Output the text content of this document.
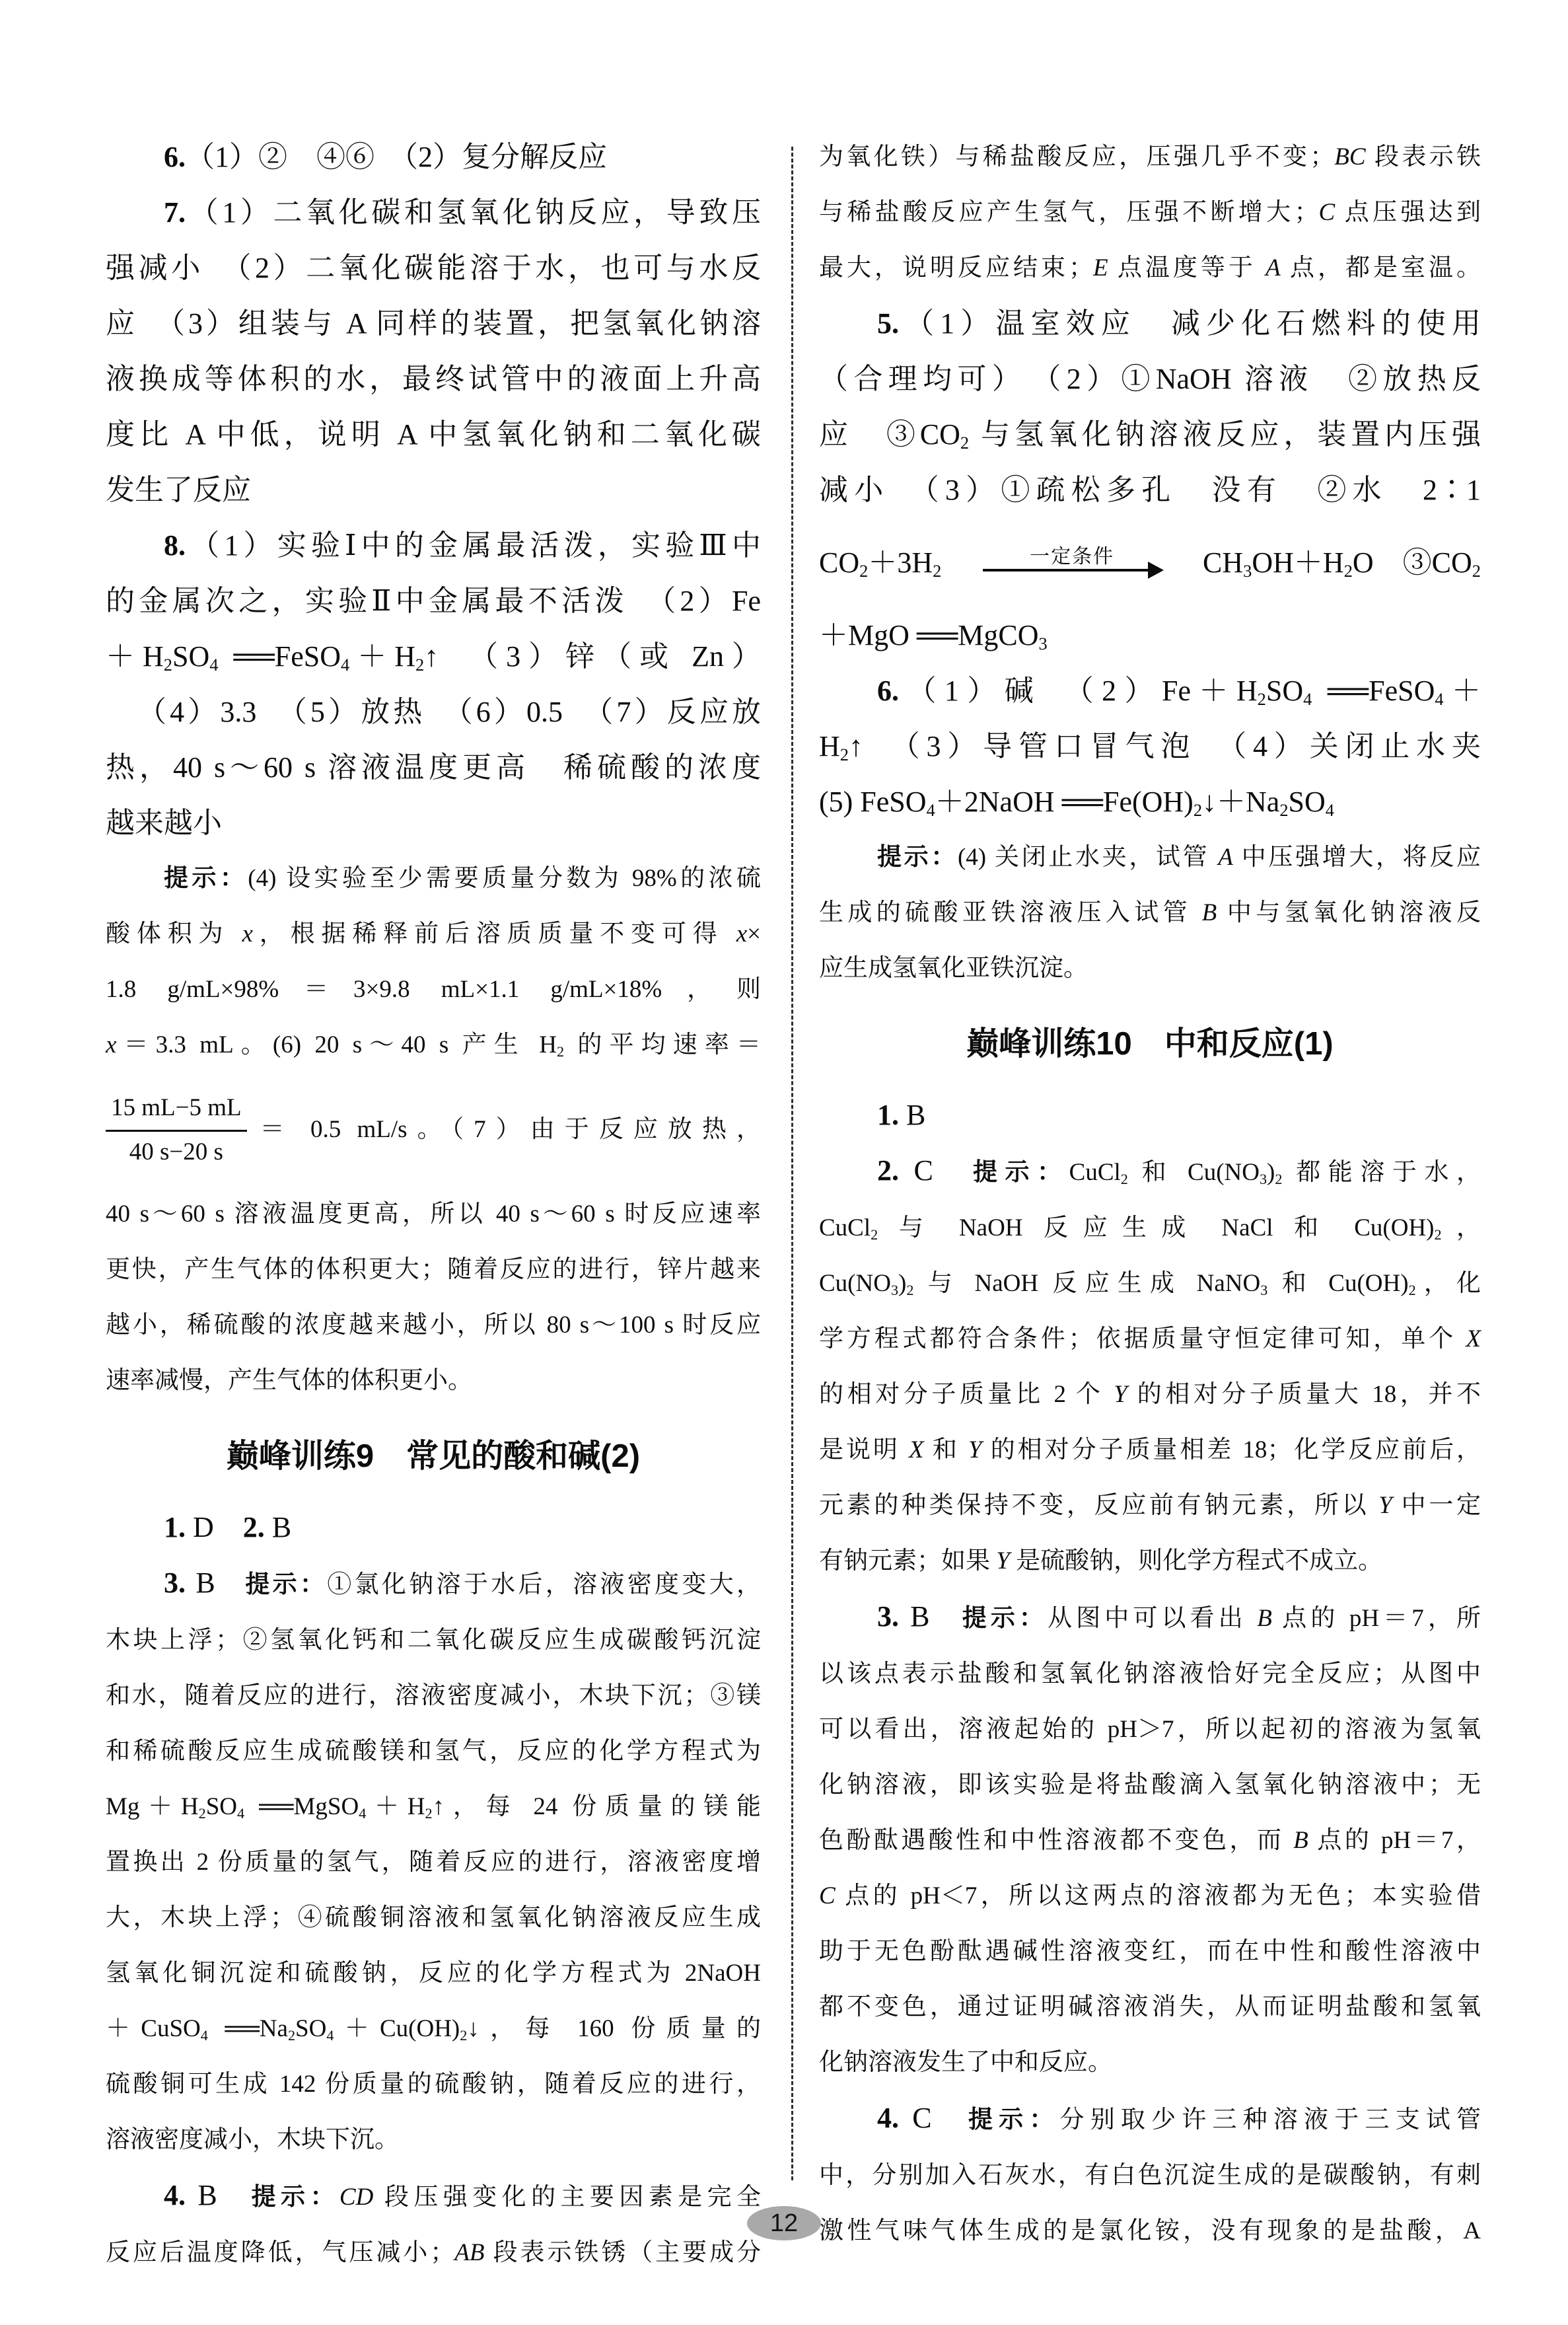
6.（1）②　④⑥　（2）复分解反应
7.（1）二氧化碳和氢氧化钠反应，导致压
强减小　（2）二氧化碳能溶于水，也可与水反
应　（3）组装与 A 同样的装置，把氢氧化钠溶
液换成等体积的水，最终试管中的液面上升高
度比 A 中低，说明 A 中氢氧化钠和二氧化碳
发生了反应
8.（1）实验Ⅰ中的金属最活泼，实验Ⅲ中
的金属次之，实验Ⅱ中金属最不活泼　（2）Fe
$+H_2SO_4$ $══FeSO_4+H_2↑$　（3）锌（或 Zn）
（4）3.3　（5）放热　（6）0.5　（7）反应放
热，40 s～60 s 溶液温度更高　稀硫酸的浓度
越来越小
提示：(4) 设实验至少需要质量分数为 98%的浓硫
酸体积为 x，根据稀释前后溶质质量不变可得 x×
1.8 g/mL×98%＝3×9.8 mL×1.1 g/mL×18%，则
x＝3.3 mL。(6) 20 s～40 s 产生 $H_2$ 的平均速率＝
$\frac{15 mL-5 mL}{40 s-20 s} = 0.5$ mL/s。（7）由于反应放热，
40 s～60 s 溶液温度更高，所以 40 s～60 s 时反应速率
更快，产生气体的体积更大；随着反应的进行，锌片越来
越小，稀硫酸的浓度越来越小，所以 80 s～100 s 时反应
速率减慢，产生气体的体积更小。
巅峰训练9　常见的酸和碱(2)
1. D　2. B
3. B　 提示：①氯化钠溶于水后，溶液密度变大，
木块上浮；②氢氧化钙和二氧化碳反应生成碳酸钙沉淀
和水，随着反应的进行，溶液密度减小，木块下沉；③镁
和稀硫酸反应生成硫酸镁和氢气，反应的化学方程式为
$Mg+H_2SO_4$ $══MgSO_4+H_2↑$，每 24 份质量的镁能
置换出 2 份质量的氢气，随着反应的进行，溶液密度增
大，木块上浮；④硫酸铜溶液和氢氧化钠溶液反应生成
氢氧化铜沉淀和硫酸钠，反应的化学方程式为 2NaOH
＋CuSO$_4$ $══Na_2SO_4+Cu(OH)_2↓$，每 160 份质量的
硫酸铜可生成 142 份质量的硫酸钠，随着反应的进行，
溶液密度减小，木块下沉。
4. B　 提示：CD 段压强变化的主要因素是完全
反应后温度降低，气压减小；AB 段表示铁锈（主要成分
为氧化铁）与稀盐酸反应，压强几乎不变；BC 段表示铁
与稀盐酸反应产生氢气，压强不断增大；C 点压强达到
最大，说明反应结束；E 点温度等于 A 点，都是室温。
5.（1）温室效应　减少化石燃料的使用
（合理均可）　（2）①NaOH 溶液　②放热反
应　$③CO_2$ 与氢氧化钠溶液反应，装置内压强
减小　（3）①疏松多孔　没有　②水　2∶1
$CO_2+3H_2$
一定条件	$CH_3OH+H_2O$　$③CO_2$
＋MgO ══MgCO$_3$
6.（1）碱　$(2)Fe+H_2SO_4$ ══FeSO$_4$＋
$H_2↑$　（3）导管口冒气泡　（4）关闭止水夹
(5) FeSO$_4$＋2NaOH $══Fe(OH)_2↓+Na_2SO_4$
提示：(4) 关闭止水夹，试管 A 中压强增大，将反应
生成的硫酸亚铁溶液压入试管 B 中与氢氧化钠溶液反
应生成氢氧化亚铁沉淀。
巅峰训练10　中和反应(1)
1. B
2. C　 提示：CuCl$_2$ 和 $Cu(NO_3)_2$ 都能溶于水，
CuCl$_2$ 与 NaOH 反应生成 NaCl 和 $Cu(OH)_2$，
$Cu(NO_3)_2$ 与 NaOH 反应生成 NaNO$_3$ 和 $Cu(OH)_2$，化
学方程式都符合条件；依据质量守恒定律可知，单个 X
的相对分子质量比 2 个 Y 的相对分子质量大 18，并不
是说明 X 和 Y 的相对分子质量相差 18；化学反应前后，
元素的种类保持不变，反应前有钠元素，所以 Y 中一定
有钠元素；如果 Y 是硫酸钠，则化学方程式不成立。
3. B　 提示：从图中可以看出 B 点的 pH＝7，所
以该点表示盐酸和氢氧化钠溶液恰好完全反应；从图中
可以看出，溶液起始的 pH＞7，所以起初的溶液为氢氧
化钠溶液，即该实验是将盐酸滴入氢氧化钠溶液中；无
色酚酞遇酸性和中性溶液都不变色，而 B 点的 pH＝7，
C 点的 pH＜7，所以这两点的溶液都为无色；本实验借
助于无色酚酞遇碱性溶液变红，而在中性和酸性溶液中
都不变色，通过证明碱溶液消失，从而证明盐酸和氢氧
化钠溶液发生了中和反应。
4. C　 提示：分别取少许三种溶液于三支试管
中，分别加入石灰水，有白色沉淀生成的是碳酸钠，有刺
激性气味气体生成的是氯化铵，没有现象的是盐酸，A
12
